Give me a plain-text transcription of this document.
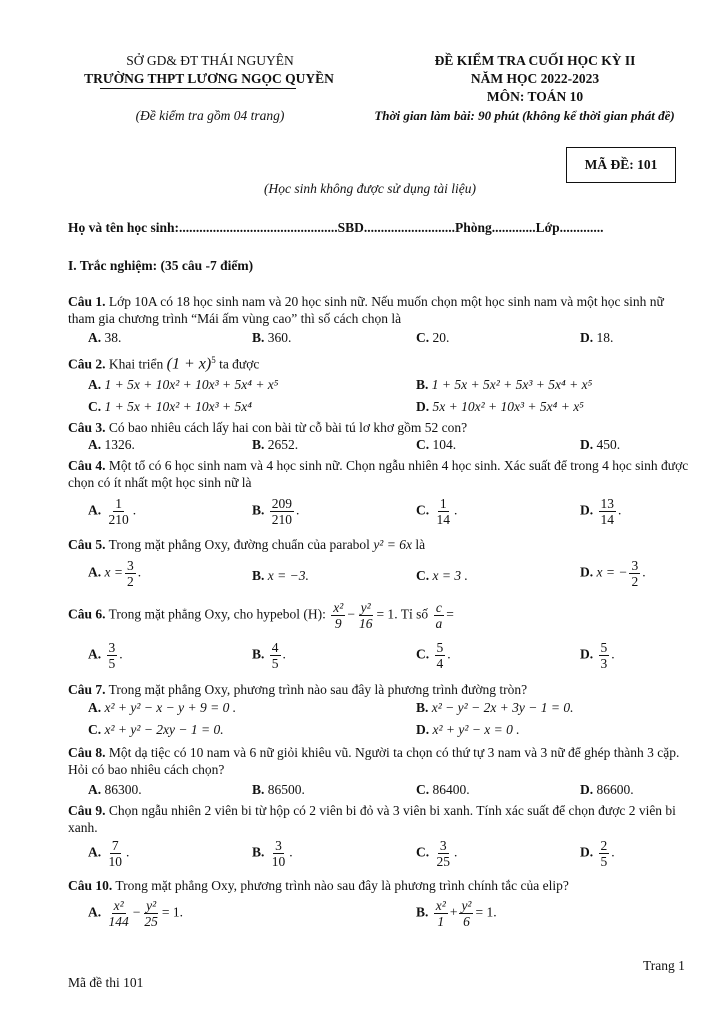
SỞ GD& ĐT THÁI NGUYÊN
TRƯỜNG THPT LƯƠNG NGỌC QUYỀN
(Đề kiểm tra gồm 04 trang)
ĐỀ KIỂM TRA CUỐI HỌC KỲ II
NĂM HỌC 2022-2023
MÔN: TOÁN 10
Thời gian làm bài: 90 phút (không kể thời gian phát đề)
MÃ ĐỀ: 101
(Học sinh không được sử dụng tài liệu)
Họ và tên học sinh:...............................................SBD...........................Phòng.............Lớp.............
I. Trắc nghiệm: (35 câu -7 điểm)
Câu 1. Lớp 10A có 18 học sinh nam và 20 học sinh nữ. Nếu muốn chọn một học sinh nam và một học sinh nữ tham gia chương trình “Mái ấm vùng cao” thì số cách chọn là
A. 38.	B. 360.	C. 20.	D. 18.
Câu 2. Khai triển $(1 + x)^5$ ta được
A. 1 + 5x + 10x² + 10x³ + 5x⁴ + x⁵	B. 1 + 5x + 5x² + 5x³ + 5x⁴ + x⁵
C. 1 + 5x + 10x² + 10x³ + 5x⁴	D. 5x + 10x² + 10x³ + 5x⁴ + x⁵
Câu 3. Có bao nhiêu cách lấy hai con bài từ cỗ bài tú lơ khơ gồm 52 con?
A. 1326.	B. 2652.	C. 104.	D. 450.
Câu 4. Một tổ có 6 học sinh nam và 4 học sinh nữ. Chọn ngẫu nhiên 4 học sinh. Xác suất để trong 4 học sinh được chọn có ít nhất một học sinh nữ là
A. $\frac{1}{210}$ .	B. $\frac{209}{210}$ .	C. $\frac{1}{14}$ .	D. $\frac{13}{14}$ .
Câu 5. Trong mặt phẳng Oxy, đường chuẩn của parabol y² = 6x là
A. $x = \frac{3}{2}$ .	B. x = −3.	C. x = 3 .	D. x = − $\frac{3}{2}$ .
Câu 6. Trong mặt phẳng Oxy, cho hypebol (H): $\frac{\text{x²}}{9} - \frac{\text{y²}}{16} = 1$. Tỉ số $\frac{c}{a}$ =
A. $\frac{3}{5}$ .	B. $\frac{4}{5}$ .	C. $\frac{5}{4}$ .	D. $\frac{5}{3}$ .
Câu 7. Trong mặt phẳng Oxy, phương trình nào sau đây là phương trình đường tròn?
A. x² + y² − x − y + 9 = 0 .	B. x² − y² − 2x + 3y − 1 = 0.
C. x² + y² − 2xy − 1 = 0.	D. x² + y² − x = 0 .
Câu 8. Một dạ tiệc có 10 nam và 6 nữ giỏi khiêu vũ. Người ta chọn có thứ tự 3 nam và 3 nữ để ghép thành 3 cặp. Hỏi có bao nhiêu cách chọn?
A. 86300.	B. 86500.	C. 86400.	D. 86600.
Câu 9. Chọn ngẫu nhiên 2 viên bi từ hộp có 2 viên bi đỏ và 3 viên bi xanh. Tính xác suất để chọn được 2 viên bi xanh.
A. $\frac{7}{10}$ .	B. $\frac{3}{10}$ .	C. $\frac{3}{25}$ .	D. $\frac{2}{5}$ .
Câu 10. Trong mặt phẳng Oxy, phương trình nào sau đây là phương trình chính tắc của elip?
A. $\frac{\text{x²}}{144} - \frac{\text{y²}}{25} = 1$.	B. $\frac{\text{x²}}{1} + \frac{\text{y²}}{6} = 1$.
Trang 1
Mã đề thi 101
